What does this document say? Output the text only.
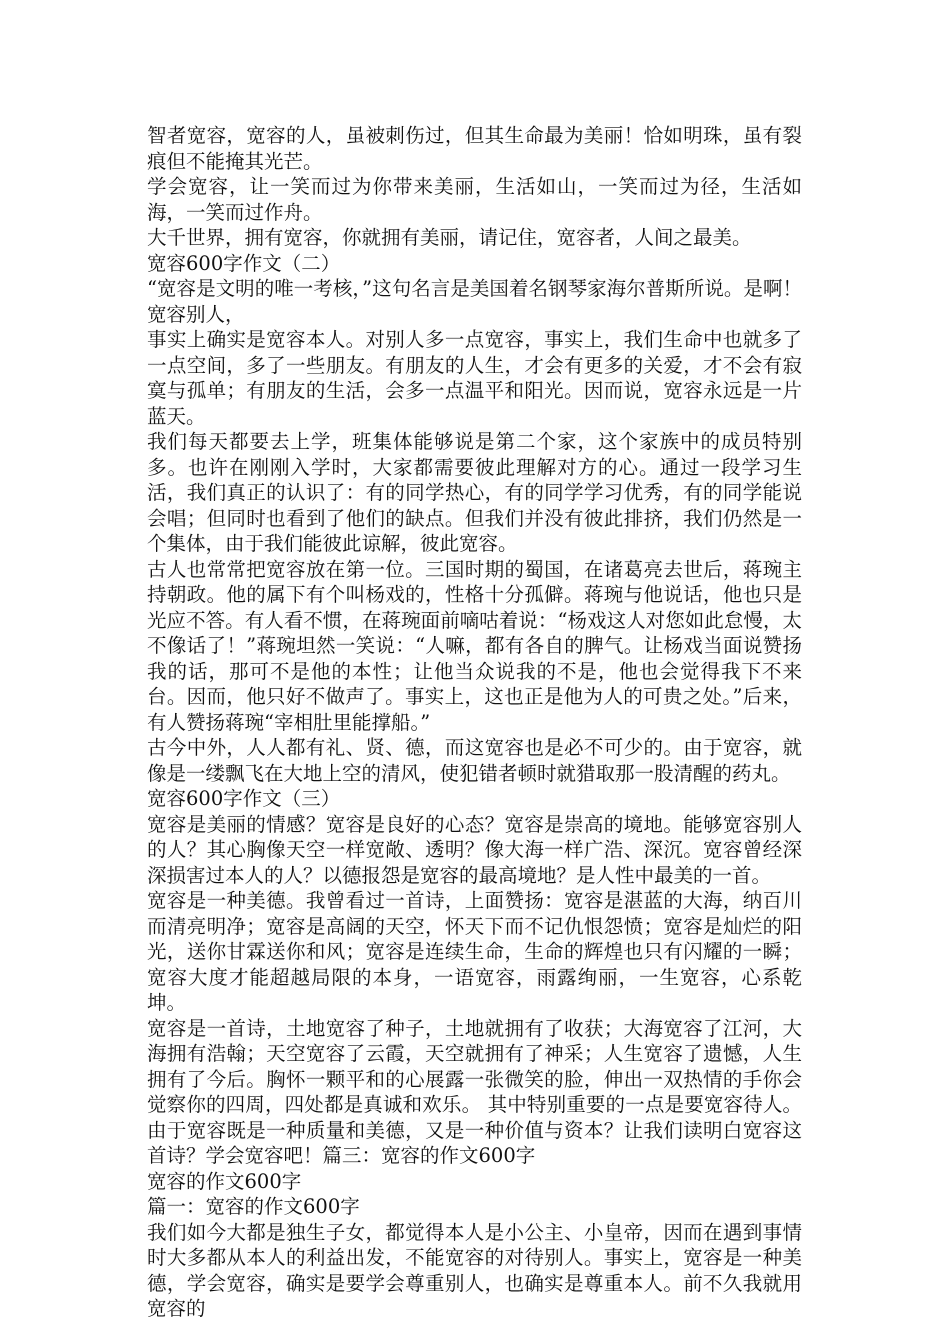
智者宽容，宽容的人，虽被刺伤过，但其生命最为美丽！恰如明珠，虽有裂痕但不能掩其光芒。

学会宽容，让一笑而过为你带来美丽，生活如山，一笑而过为径，生活如海，一笑而过作舟。

大千世界，拥有宽容，你就拥有美丽，请记住，宽容者，人间之最美。

宽容600字作文（二）

“宽容是文明的唯一考核，”这句名言是美国着名钢琴家海尔普斯所说。是啊！宽容别人，

事实上确实是宽容本人。对别人多一点宽容，事实上，我们生命中也就多了一点空间，多了一些朋友。有朋友的人生，才会有更多的关爱，才不会有寂寞与孤单；有朋友的生活，会多一点温平和阳光。因而说，宽容永远是一片蓝天。

我们每天都要去上学，班集体能够说是第二个家，这个家族中的成员特别多。也许在刚刚入学时，大家都需要彼此理解对方的心。通过一段学习生活，我们真正的认识了：有的同学热心，有的同学学习优秀，有的同学能说会唱；但同时也看到了他们的缺点。但我们并没有彼此排挤，我们仍然是一个集体，由于我们能彼此谅解，彼此宽容。

古人也常常把宽容放在第一位。三国时期的蜀国，在诸葛亮去世后，蒋琬主持朝政。他的属下有个叫杨戏的，性格十分孤僻。蒋琬与他说话，他也只是光应不答。有人看不惯，在蒋琬面前嘀咕着说：“杨戏这人对您如此怠慢，太不像话了！”蒋琬坦然一笑说：“人嘛，都有各自的脾气。让杨戏当面说赞扬我的话，那可不是他的本性；让他当众说我的不是，他也会觉得我下不来台。因而，他只好不做声了。事实上，这也正是他为人的可贵之处。”后来，有人赞扬蒋琬“宰相肚里能撑船。”

古今中外，人人都有礼、贤、德，而这宽容也是必不可少的。由于宽容，就像是一缕飘飞在大地上空的清风，使犯错者顿时就猎取那一股清醒的药丸。

宽容600字作文（三）

宽容是美丽的情感？宽容是良好的心态？宽容是崇高的境地。能够宽容别人的人？其心胸像天空一样宽敞、透明？像大海一样广浩、深沉。宽容曾经深深损害过本人的人？以德报怨是宽容的最高境地？是人性中最美的一首。

宽容是一种美德。我曾看过一首诗，上面赞扬：宽容是湛蓝的大海，纳百川而清亮明净；宽容是高阔的天空，怀天下而不记仇恨怨愤；宽容是灿烂的阳光，送你甘霖送你和风；宽容是连续生命，生命的辉煌也只有闪耀的一瞬；宽容大度才能超越局限的本身，一语宽容，雨露绚丽，一生宽容，心系乾坤。

宽容是一首诗，土地宽容了种子，土地就拥有了收获；大海宽容了江河，大海拥有浩翰；天空宽容了云霞，天空就拥有了神采；人生宽容了遗憾，人生拥有了今后。胸怀一颗平和的心展露一张微笑的脸，伸出一双热情的手你会觉察你的四周，四处都是真诚和欢乐。 其中特别重要的一点是要宽容待人。由于宽容既是一种质量和美德，又是一种价值与资本？让我们读明白宽容这首诗？学会宽容吧！篇三：宽容的作文600字

宽容的作文600字

篇一：宽容的作文600字

我们如今大都是独生子女，都觉得本人是小公主、小皇帝，因而在遇到事情时大多都从本人的利益出发，不能宽容的对待别人。事实上，宽容是一种美德，学会宽容，确实是要学会尊重别人，也确实是尊重本人。前不久我就用宽容的
